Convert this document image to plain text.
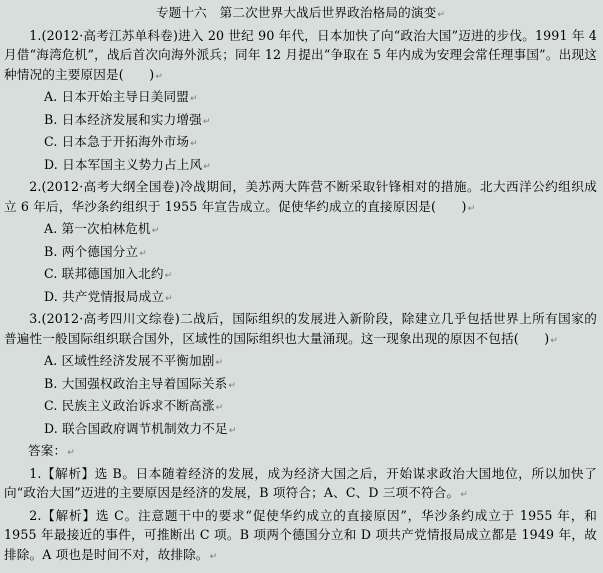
专题十六　第二次世界大战后世界政治格局的演变↵

1.(2012·高考江苏单科卷)进入 20 世纪 90 年代，日本加快了向“政治大国”迈进的步伐。1991 年 4 月借“海湾危机”，战后首次向海外派兵；同年 12 月提出“争取在 5 年内成为安理会常任理事国”。出现这种情况的主要原因是(　　)↵

A. 日本开始主导日美同盟↵

B. 日本经济发展和实力增强↵

C. 日本急于开拓海外市场↵

D. 日本军国主义势力占上风↵

2.(2012·高考大纲全国卷)冷战期间，美苏两大阵营不断采取针锋相对的措施。北大西洋公约组织成立 6 年后，华沙条约组织于 1955 年宣告成立。促使华约成立的直接原因是(　　)↵

A. 第一次柏林危机↵

B. 两个德国分立↵

C. 联邦德国加入北约↵

D. 共产党情报局成立↵

3.(2012·高考四川文综卷)二战后，国际组织的发展进入新阶段，除建立几乎包括世界上所有国家的普遍性一般国际组织联合国外，区域性的国际组织也大量涌现。这一现象出现的原因不包括(　　)↵

A. 区域性经济发展不平衡加剧↵

B. 大国强权政治主导着国际关系↵

C. 民族主义政治诉求不断高涨↵

D. 联合国政府调节机制效力不足↵

答案：↵

1.【解析】选 B。日本随着经济的发展，成为经济大国之后，开始谋求政治大国地位，所以加快了向“政治大国”迈进的主要原因是经济的发展，B 项符合；A、C、D 三项不符合。↵

2.【解析】选 C。注意题干中的要求“促使华约成立的直接原因”，华沙条约成立于 1955 年，和 1955 年最接近的事件，可推断出 C 项。B 项两个德国分立和 D 项共产党情报局成立都是 1949 年，故排除。A 项也是时间不对，故排除。↵
